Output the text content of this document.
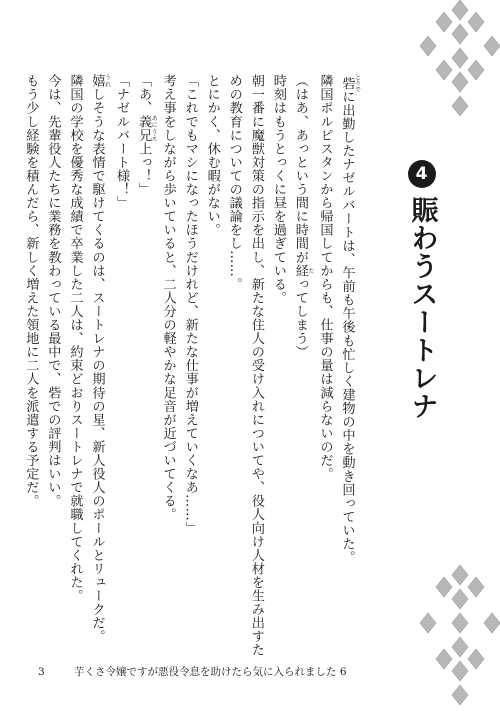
4
賑わうスートレナ

砦 とりでに出勤したナゼルバートは、午前も午後も忙しく建物の中を動き回っていた。

隣国ポルピスタンから帰国してからも、仕事の量は減らないのだ。

（はあ、あっという間に時間が経 たってしまう）

時刻はもうとっくに昼を過ぎている。

朝一番に魔獣対策の指示を出し、新たな住人の受け入れについてや、役人向け人材を生み出すた

めの教育についての議論をし……。

とにかく、休む暇がない。

「これでもマシになったほうだけれど、新たな仕事が増えていくなあ……」

考え事をしながら歩いていると、二人分の軽やかな足音が近づいてくる。

「あ、義兄 あにうえ上っ！」

「ナゼルバート様！」

嬉 うれしそうな表情で駆けてくるのは、スートレナの期待の星、新人役人のポールとリュークだ。

隣国の学校を優秀な成績で卒業した二人は、約束どおりスートレナで就職してくれた。

今は、先輩役人たちに業務を教わっている最中で、砦での評判はいい。

もう少し経験を積んだら、新しく増えた領地に二人を派遣する予定だ。

3	芋くさ令嬢ですが悪役令息を助けたら気に入られました 6
